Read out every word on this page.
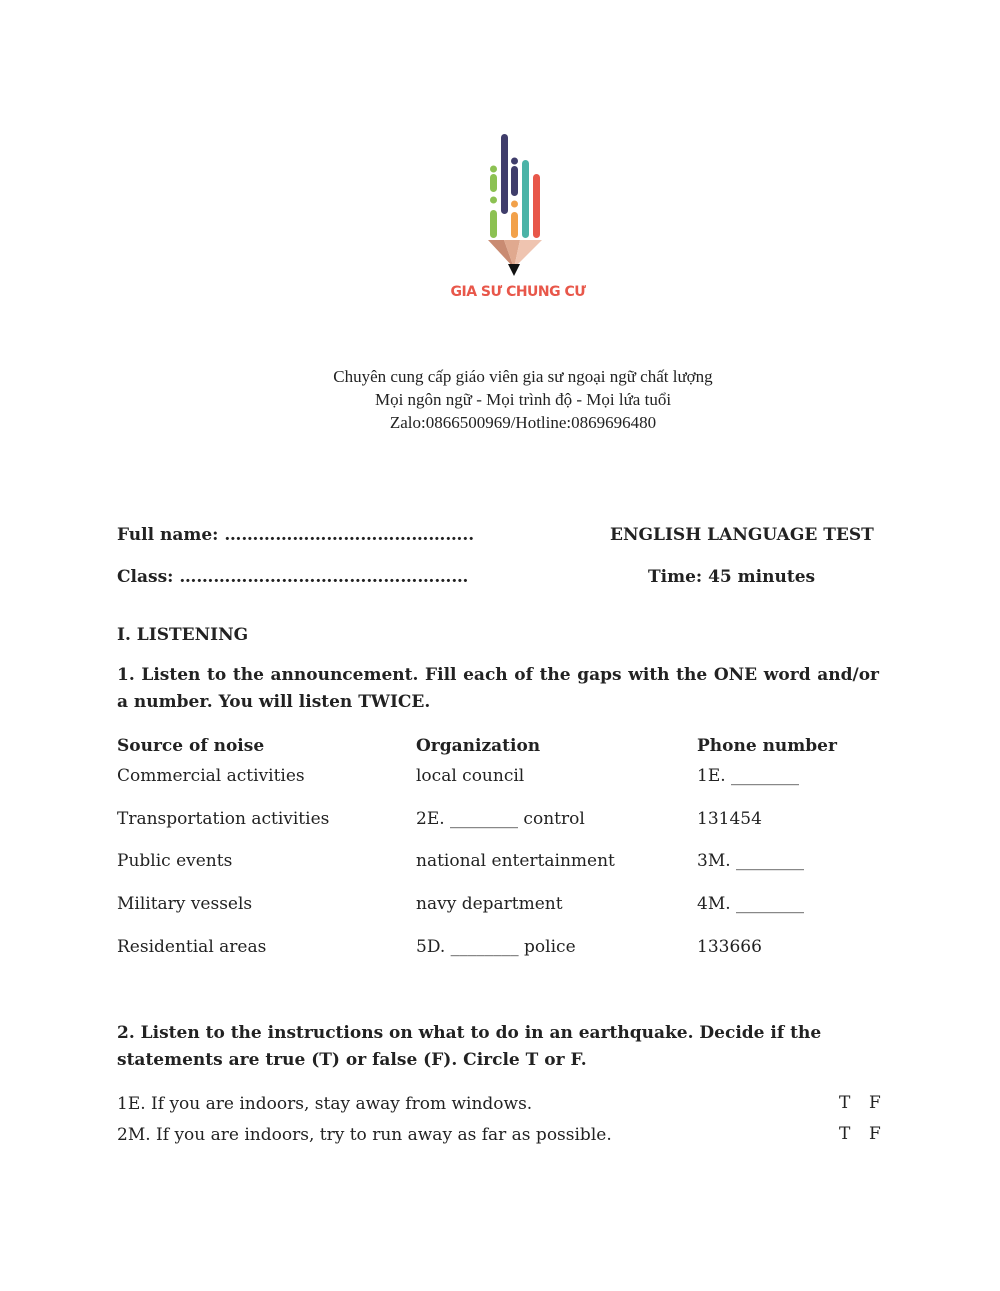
GIA SƯ CHUNG CƯ
Chuyên cung cấp giáo viên gia sư ngoại ngữ chất lượng
Mọi ngôn ngữ - Mọi trình độ - Mọi lứa tuổi
Zalo:0866500969/Hotline:0869696480
Full name: ……………………………………..	ENGLISH LANGUAGE TEST
Class: ……………………………………………	Time: 45 minutes
I. LISTENING
1. Listen to the announcement. Fill each of the gaps with the ONE word and/or a number. You will listen TWICE.
Source of noise	Organization	Phone number
Commercial activities	local council	1E. ________
Transportation activities	2E. ________ control	131454
Public events	national entertainment	3M. ________
Military vessels	navy department	4M. ________
Residential areas	5D. ________ police	133666
2. Listen to the instructions on what to do in an earthquake. Decide if the statements are true (T) or false (F). Circle T or F.
1E. If you are indoors, stay away from windows.	T F
2M. If you are indoors, try to run away as far as possible.	T F
